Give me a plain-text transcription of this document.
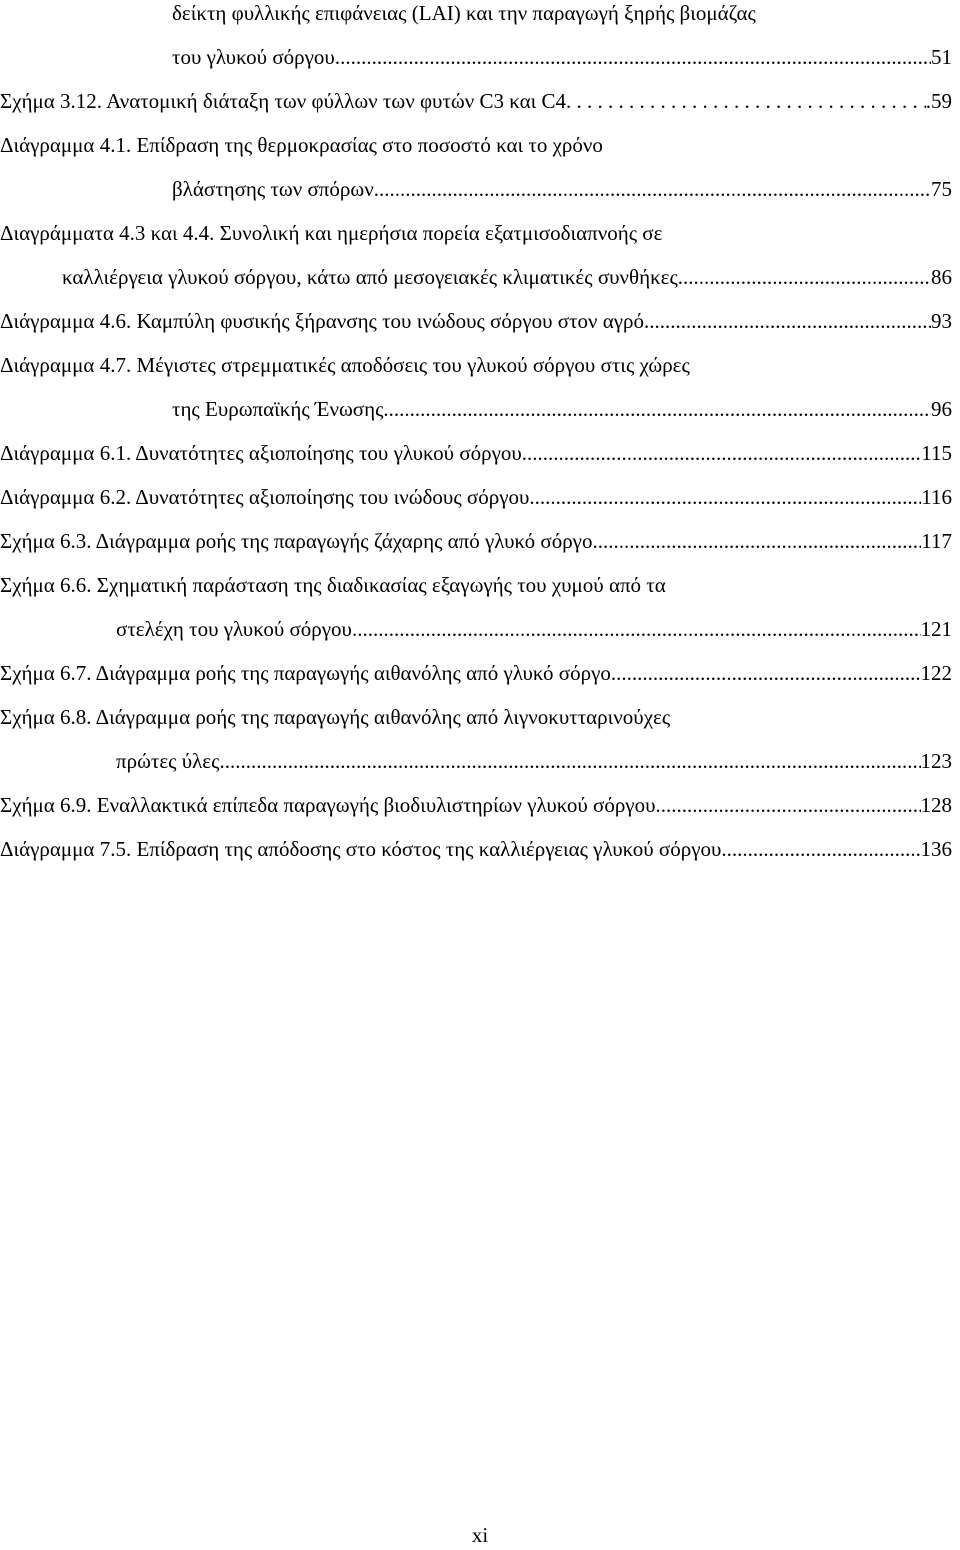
δείκτη φυλλικής επιφάνειας (LAI) και την παραγωγή ξηρής βιομάζας
του γλυκού σόργου .....	51
Σχήμα 3.12. Ανατομική διάταξη των φύλλων των φυτών C3 και C4 . . .	.59
Διάγραμμα 4.1. Επίδραση της θερμοκρασίας στο ποσοστό και το χρόνο
βλάστησης των σπόρων .....	75
Διαγράμματα 4.3 και 4.4. Συνολική και ημερήσια πορεία εξατμισοδιαπνοής σε
καλλιέργεια γλυκού σόργου, κάτω από μεσογειακές κλιματικές συνθήκες .....	86
Διάγραμμα 4.6. Καμπύλη φυσικής ξήρανσης του ινώδους σόργου στον αγρό .....	93
Διάγραμμα 4.7. Μέγιστες στρεμματικές αποδόσεις του γλυκού σόργου στις χώρες
της Ευρωπαϊκής Ένωσης .....	96
Διάγραμμα 6.1. Δυνατότητες αξιοποίησης του γλυκού σόργου .....	115
Διάγραμμα 6.2. Δυνατότητες αξιοποίησης του ινώδους σόργου .....	116
Σχήμα 6.3. Διάγραμμα ροής της παραγωγής ζάχαρης από γλυκό σόργο .....	117
Σχήμα 6.6. Σχηματική παράσταση της διαδικασίας εξαγωγής του χυμού από τα
στελέχη του γλυκού σόργου .....	121
Σχήμα 6.7. Διάγραμμα ροής της παραγωγής αιθανόλης από γλυκό σόργο .....	122
Σχήμα 6.8. Διάγραμμα ροής της παραγωγής αιθανόλης από λιγνοκυτταρινούχες
πρώτες ύλες .....	123
Σχήμα 6.9. Εναλλακτικά επίπεδα παραγωγής βιοδιυλιστηρίων γλυκού σόργου .....	128
Διάγραμμα 7.5. Επίδραση της απόδοσης στο κόστος της καλλιέργειας γλυκού σόργου .....	136
xi
